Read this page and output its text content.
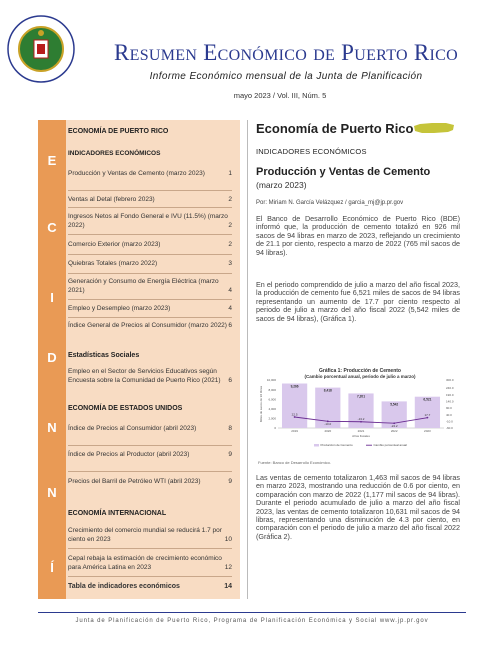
Resumen Económico de Puerto Rico
Informe Económico mensual de la Junta de Planificación
mayo 2023 / Vol. III, Núm. 5
E
C
I
D
N
N
Í
ECONOMÍA DE PUERTO RICO
INDICADORES ECONÓMICOS
Producción y Ventas de Cemento (marzo 2023)	1
Ventas al Detal (febrero 2023)	2
Ingresos Netos al Fondo General e IVU (11.5%) (marzo 2022)	2
Comercio Exterior (marzo 2023)	2
Quiebras Totales (marzo 2022)	3
Generación y Consumo de Energía Eléctrica (marzo 2021)	4
Empleo y Desempleo (marzo 2023)	4
Índice General de Precios al Consumidor (marzo 2022) 6
Estadísticas Sociales
Empleo en el Sector de Servicios Educativos según Encuesta sobre la Comunidad de Puerto Rico (2021) 6
ECONOMÍA DE ESTADOS UNIDOS
Índice de Precios al Consumidor (abril 2023)	8
Índice de Precios al Productor (abril 2023)	9
Precios del Barril de Petróleo WTI (abril 2023)	9
ECONOMÍA INTERNACIONAL
Crecimiento del comercio mundial se reducirá 1.7 por ciento en 2023	10
Cepal rebaja la estimación de crecimiento económico para América Latina en 2023	12
Tabla de indicadores económicos	14
Economía de Puerto Rico
INDICADORES ECONÓMICOS
Producción y Ventas de Cemento
(marzo 2023)
Por: Miriam N. García Velázquez / garcia_mj@jp.pr.gov
El Banco de Desarrollo Económico de Puerto Rico (BDE) informó que, la producción de cemento totalizó en 926 mil sacos de 94 libras en marzo de 2023, reflejando un crecimiento de 21.1 por ciento, respecto a marzo de 2022 (765 mil sacos de 94 libras).
En el periodo comprendido de julio a marzo del año fiscal 2023, la producción de cemento fue 6,521 miles de sacos de 94 libras representando un aumento de 17.7 por ciento respecto al periodo de julio a marzo del año fiscal 2022 (5,542 miles de sacos de 94 libras), (Gráfica 1).
Gráfica 1: Producción de Cemento
(Cambio porcentual anual, periodo de julio a marzo)
0
2,000
4,000
6,000
8,000
10,000
-60.0
-10.0
40.0
90.0
140.0
190.0
240.0
300.0
Miles de sacos de 94 libras	9,266
2019
8,418
2020
7,201
2021
5,542
2022
6,521
2023
22.5
-10.0
-13.2
-24.2
17.7
Años fiscales
Producción de Cemento	Cambio porcentual anual
Fuente: Banco de Desarrollo Económico.
Las ventas de cemento totalizaron 1,463 mil sacos de 94 libras en marzo 2023, mostrando una reducción de 0.6 por ciento, en comparación con marzo de 2022 (1,177 mil sacos de 94 libras). Durante el periodo acumulado de julio a marzo del año fiscal 2023, las ventas de cemento totalizaron 10,631 mil sacos de 94 libras, representando una disminución de 4.3 por ciento, en comparación con el periodo de julio a marzo del año fiscal 2022 (Gráfica 2).
Junta de Planificación de Puerto Rico, Programa de Planificación Económica y Social www.jp.pr.gov
